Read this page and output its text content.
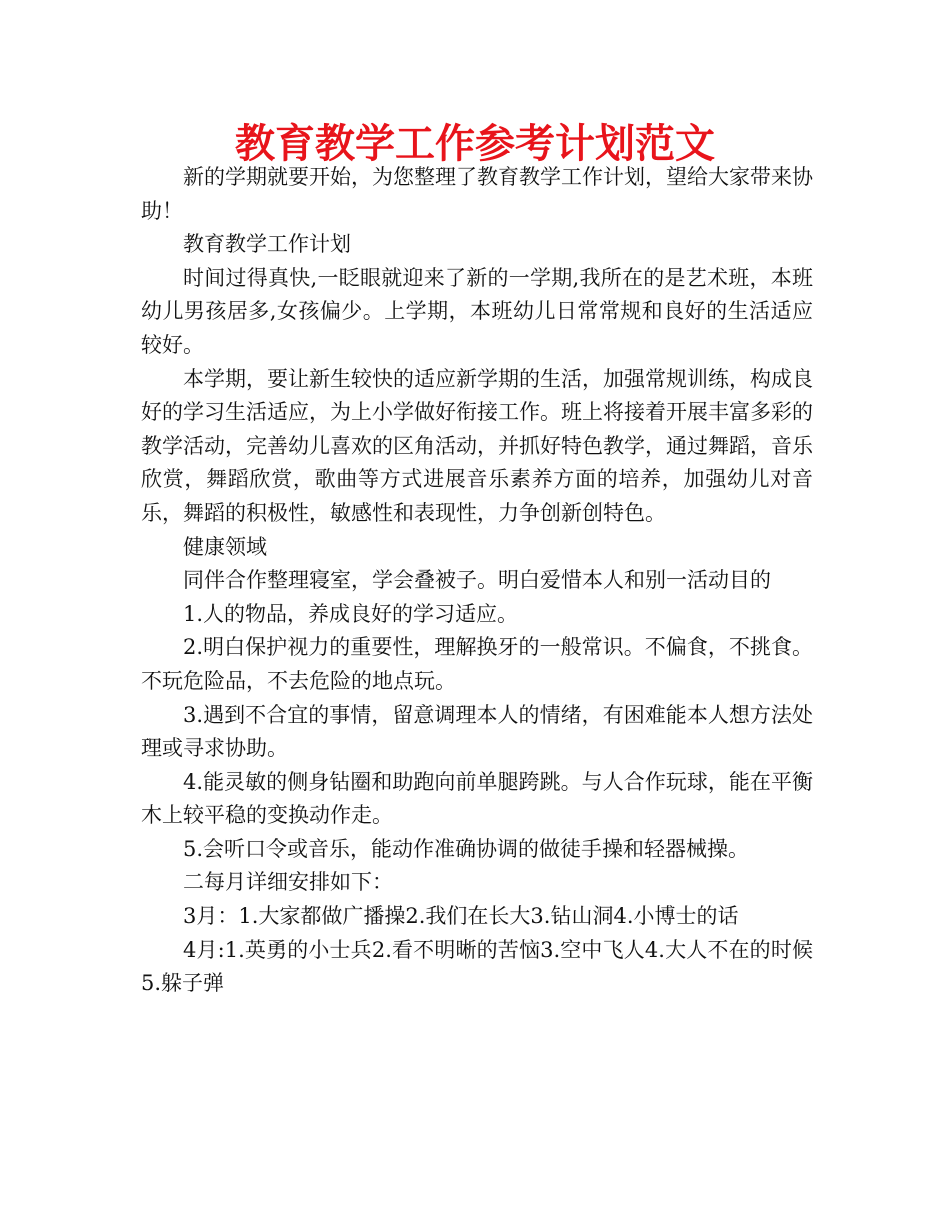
教育教学工作参考计划范文

新的学期就要开始，为您整理了教育教学工作计划，望给大家带来协助！

教育教学工作计划

时间过得真快,一眨眼就迎来了新的一学期,我所在的是艺术班，本班幼儿男孩居多,女孩偏少。上学期，本班幼儿日常常规和良好的生活适应较好。

本学期，要让新生较快的适应新学期的生活，加强常规训练，构成良好的学习生活适应，为上小学做好衔接工作。班上将接着开展丰富多彩的教学活动，完善幼儿喜欢的区角活动，并抓好特色教学，通过舞蹈，音乐欣赏，舞蹈欣赏，歌曲等方式进展音乐素养方面的培养，加强幼儿对音乐，舞蹈的积极性，敏感性和表现性，力争创新创特色。

健康领域

同伴合作整理寝室，学会叠被子。明白爱惜本人和别一活动目的

1.人的物品，养成良好的学习适应。

2.明白保护视力的重要性，理解换牙的一般常识。不偏食，不挑食。不玩危险品，不去危险的地点玩。

3.遇到不合宜的事情，留意调理本人的情绪，有困难能本人想方法处理或寻求协助。

4.能灵敏的侧身钻圈和助跑向前单腿跨跳。与人合作玩球，能在平衡木上较平稳的变换动作走。

5.会听口令或音乐，能动作准确协调的做徒手操和轻器械操。

二每月详细安排如下：

3月：1.大家都做广播操2.我们在长大3.钻山洞4.小博士的话

4月:1.英勇的小士兵2.看不明晰的苦恼3.空中飞人4.大人不在的时候5.躲子弹
